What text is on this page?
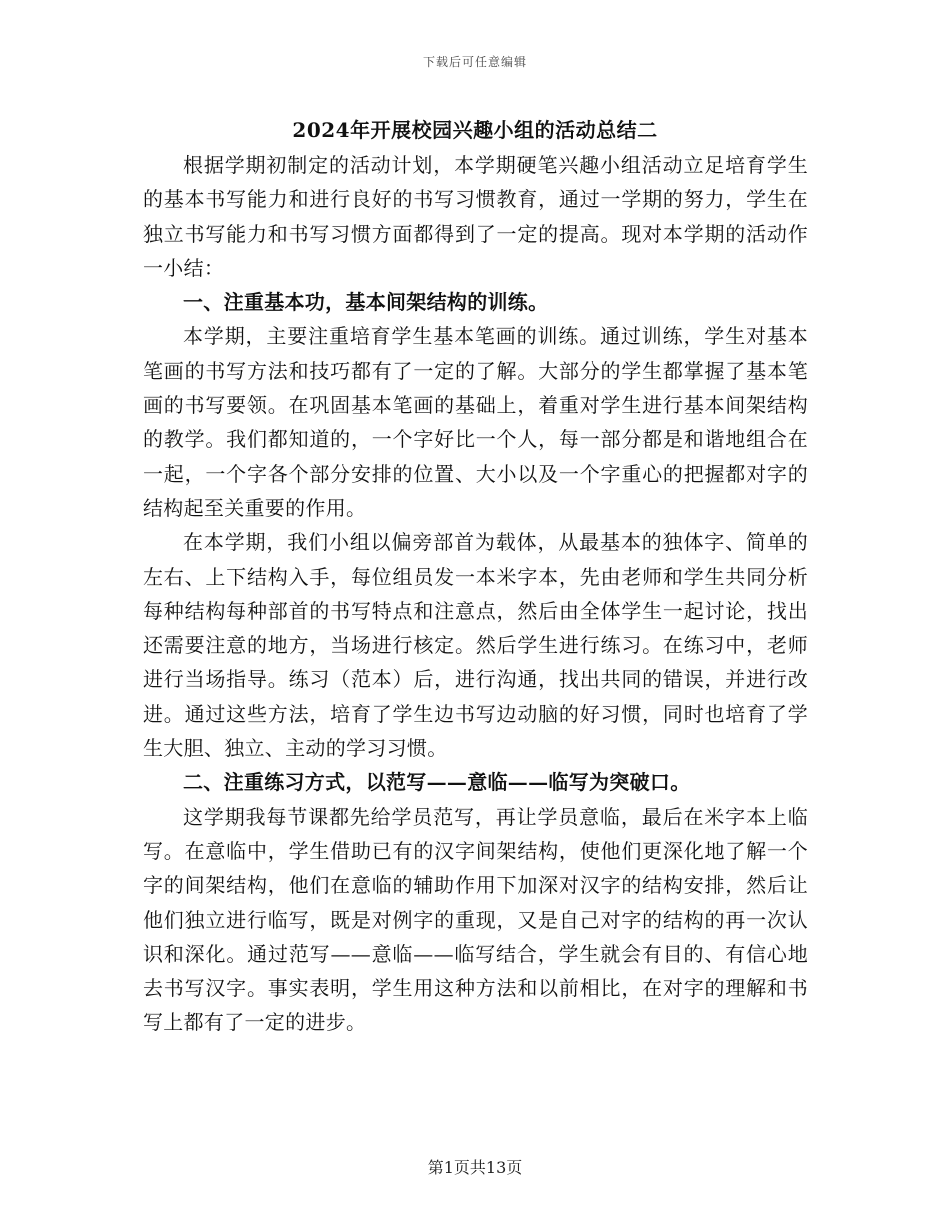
下载后可任意编辑
2024年开展校园兴趣小组的活动总结二

根据学期初制定的活动计划，本学期硬笔兴趣小组活动立足培育学生的基本书写能力和进行良好的书写习惯教育，通过一学期的努力，学生在独立书写能力和书写习惯方面都得到了一定的提高。现对本学期的活动作一小结：

一、注重基本功，基本间架结构的训练。

本学期，主要注重培育学生基本笔画的训练。通过训练，学生对基本笔画的书写方法和技巧都有了一定的了解。大部分的学生都掌握了基本笔画的书写要领。在巩固基本笔画的基础上，着重对学生进行基本间架结构的教学。我们都知道的，一个字好比一个人，每一部分都是和谐地组合在一起，一个字各个部分安排的位置、大小以及一个字重心的把握都对字的结构起至关重要的作用。

在本学期，我们小组以偏旁部首为载体，从最基本的独体字、简单的左右、上下结构入手，每位组员发一本米字本，先由老师和学生共同分析每种结构每种部首的书写特点和注意点，然后由全体学生一起讨论，找出还需要注意的地方，当场进行核定。然后学生进行练习。在练习中，老师进行当场指导。练习（范本）后，进行沟通，找出共同的错误，并进行改进。通过这些方法，培育了学生边书写边动脑的好习惯，同时也培育了学生大胆、独立、主动的学习习惯。

二、注重练习方式，以范写——意临——临写为突破口。

这学期我每节课都先给学员范写，再让学员意临，最后在米字本上临写。在意临中，学生借助已有的汉字间架结构，使他们更深化地了解一个字的间架结构，他们在意临的辅助作用下加深对汉字的结构安排，然后让他们独立进行临写，既是对例字的重现，又是自己对字的结构的再一次认识和深化。通过范写——意临——临写结合，学生就会有目的、有信心地去书写汉字。事实表明，学生用这种方法和以前相比，在对字的理解和书写上都有了一定的进步。

第1页共13页
